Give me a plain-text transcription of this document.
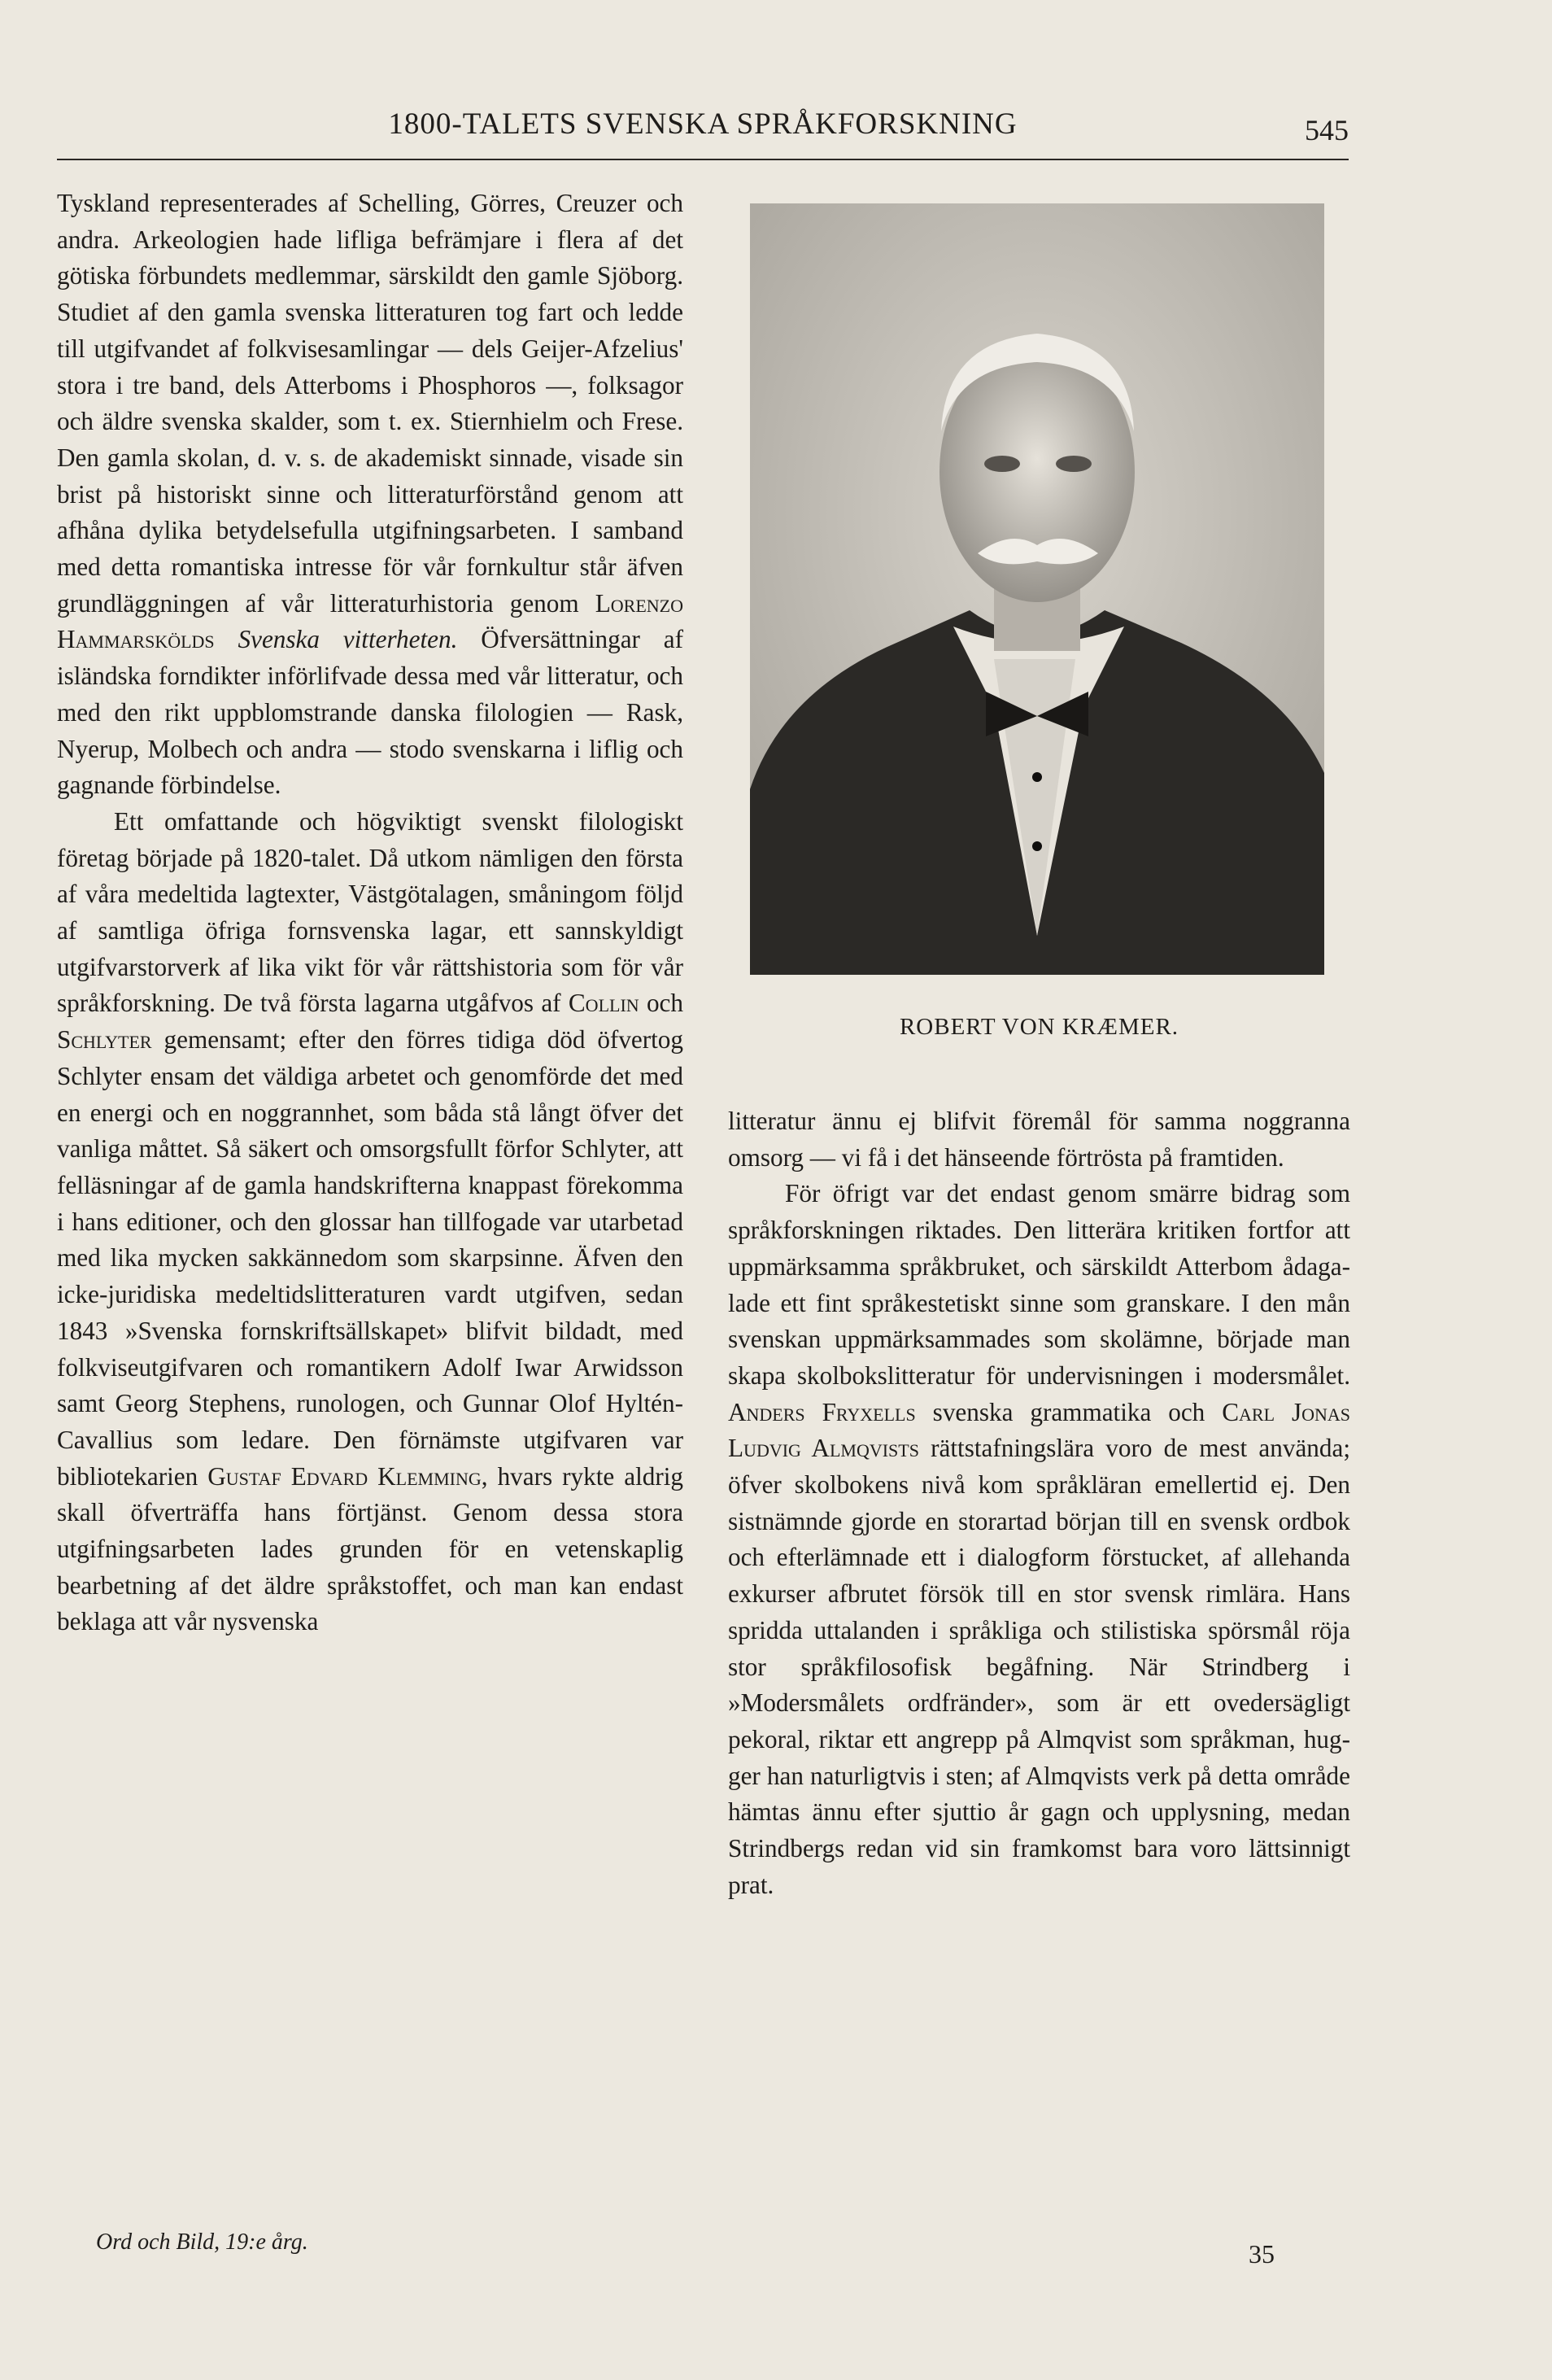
1800-TALETS SVENSKA SPRÅKFORSKNING	545

Tyskland representerades af Schelling, Görres, Creuzer och andra. Arkeologien hade lifliga befrämjare i flera af det götiska förbundets medlemmar, särskildt den gamle Sjöborg. Studiet af den gamla svenska litteraturen tog fart och ledde till utgifvandet af folkvisesamlingar — dels Geijer-Afzelius' stora i tre band, dels Atterboms i Phosphoros —, folksagor och äldre svenska skalder, som t. ex. Stiernhielm och Frese. Den gamla skolan, d. v. s. de akademiskt sinnade, visade sin brist på historiskt sinne och litteraturförstånd genom att afhåna dylika betydelsefulla utgifningsarbeten. I samband med detta romantiska intresse för vår fornkultur står äfven grundläggningen af vår litteraturhistoria genom Lorenzo Hammarskölds Svenska vitterheten. Öfversättningar af isländska forndikter införlifvade dessa med vår litteratur, och med den rikt uppblomstrande danska filologien — Rask, Nyerup, Molbech och andra — stodo svenskarna i liflig och gagnande förbindelse.

Ett omfattande och högviktigt svenskt filologiskt företag började på 1820-talet. Då utkom nämligen den första af våra medeltida lagtexter, Västgötalagen, småningom följd af samtliga öfriga fornsvenska lagar, ett sannskyldigt utgifvarstorverk af lika vikt för vår rättshistoria som för vår språkforskning. De två första lagarna utgåfvos af Collin och Schlyter gemensamt; efter den förres tidiga död öfvertog Schlyter ensam det väldiga arbetet och genomförde det med en energi och en noggrannhet, som båda stå långt öfver det vanliga måttet. Så säkert och omsorgsfullt förfor Schlyter, att felläsningar af de gamla handskrifterna knappast förekomma i hans editioner, och den glossar han tillfogade var utarbetad med lika mycken sakkännedom som skarpsinne. Äfven den icke-juridiska medeltidslitteraturen vardt utgifven, sedan 1843 »Svenska fornskriftsällskapet» blifvit bildadt, med folkviseutgifvaren och romantikern Adolf Iwar Arwidsson samt Georg Stephens, runologen, och Gunnar Olof Hyltén-Cavallius som ledare. Den förnämste utgifvaren var bibliotekarien Gustaf Edvard Klemming, hvars rykte aldrig skall öfverträffa hans förtjänst. Genom dessa stora utgifningsarbeten lades grunden för en vetenskaplig bearbetning af det äldre språkstoffet, och man kan endast beklaga att vår nysvenska

ROBERT VON KRÆMER.

litteratur ännu ej blifvit föremål för samma noggranna omsorg — vi få i det hänseende förtrösta på framtiden.

För öfrigt var det endast genom smärre bidrag som språkforskningen riktades. Den litterära kritiken fortfor att uppmärksamma språkbruket, och särskildt Atterbom ådagalade ett fint språkestetiskt sinne som granskare. I den mån svenskan uppmärksammades som skolämne, började man skapa skolbokslitteratur för undervisningen i modersmålet. Anders Fryxells svenska grammatika och Carl Jonas Ludvig Almqvists rättstafningslära voro de mest använda; öfver skolbokens nivå kom språkläran emellertid ej. Den sistnämnde gjorde en storartad början till en svensk ordbok och efterlämnade ett i dialogform förstucket, af allehanda exkurser afbrutet försök till en stor svensk rimlära. Hans spridda uttalanden i språkliga och stilistiska spörsmål röja stor språkfilosofisk begåfning. När Strindberg i »Modersmålets ordfränder», som är ett ovedersägligt pekoral, riktar ett angrepp på Almqvist som språkman, hugger han naturligtvis i sten; af Almqvists verk på detta område hämtas ännu efter sjuttio år gagn och upplysning, medan Strindbergs redan vid sin framkomst bara voro lättsinnigt prat.

Ord och Bild, 19:e årg.	35
